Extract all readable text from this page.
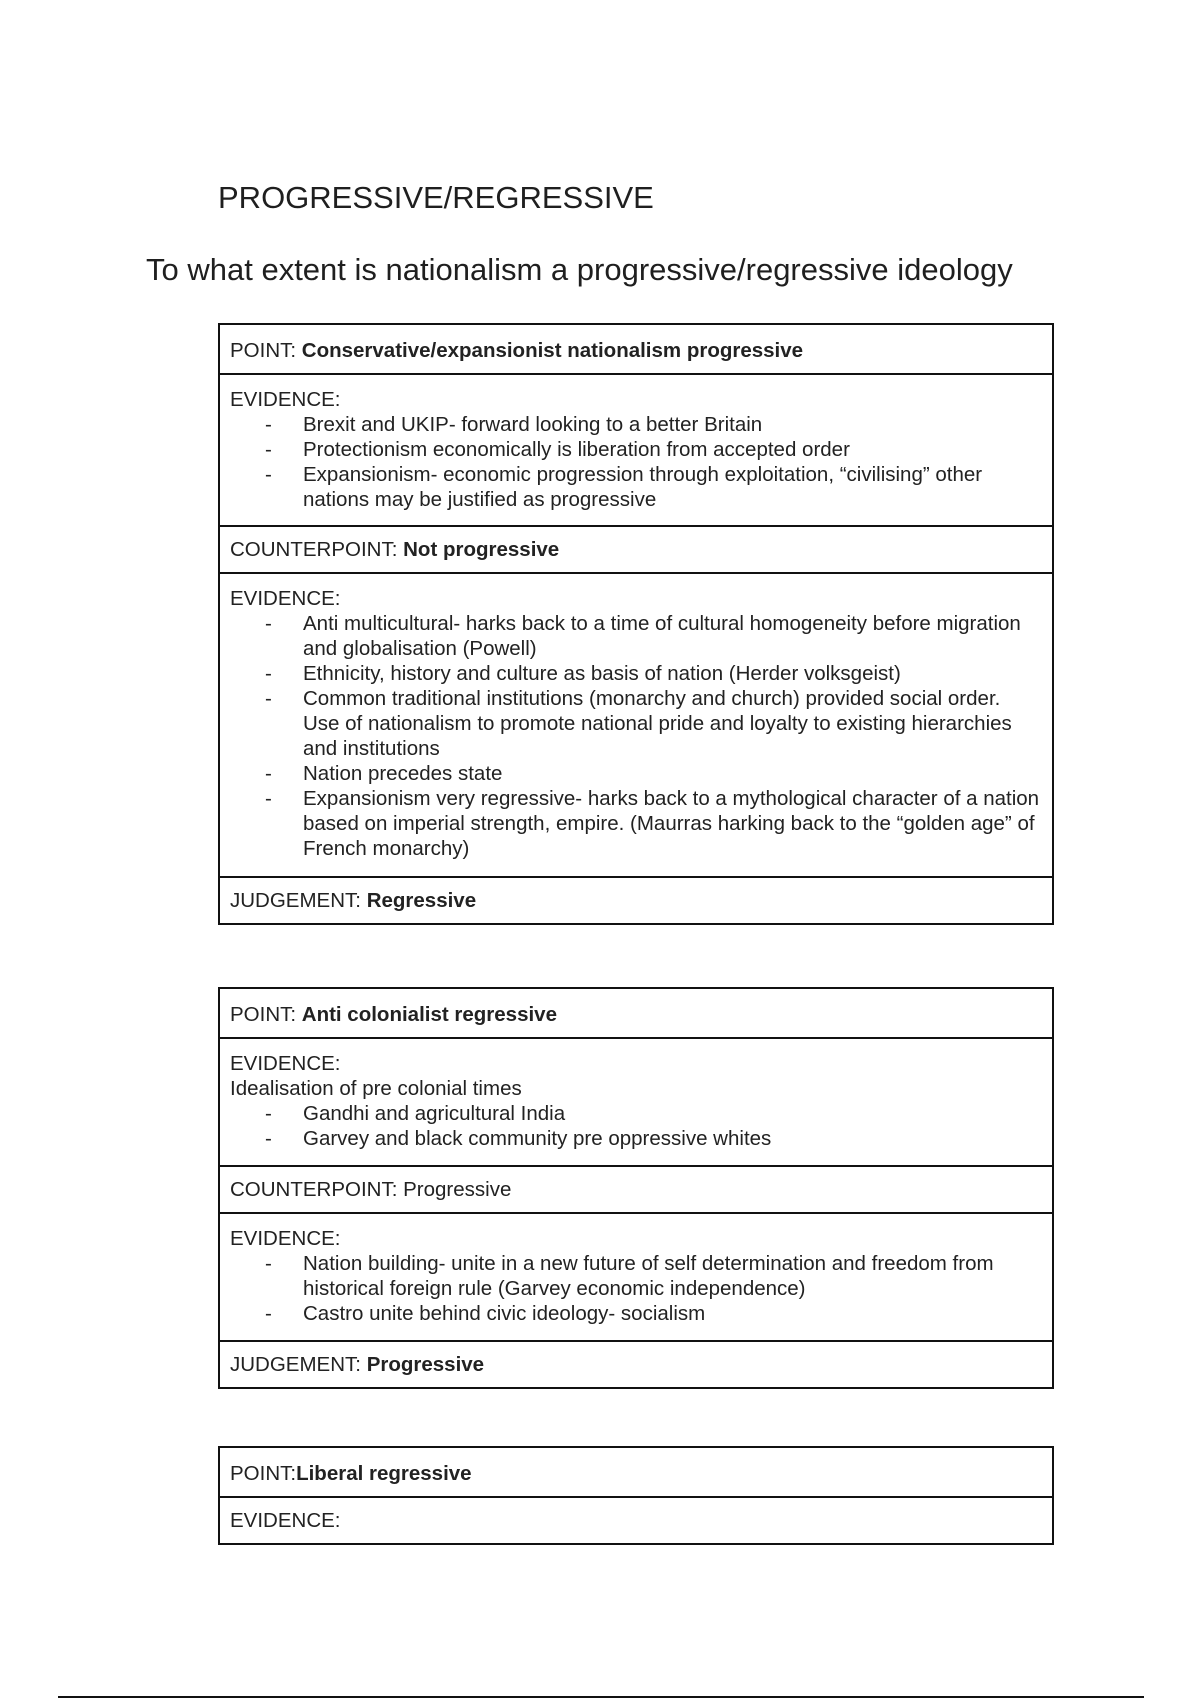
PROGRESSIVE/REGRESSIVE
To what extent is nationalism a progressive/regressive ideology
POINT: Conservative/expansionist nationalism progressive

EVIDENCE:
- Brexit and UKIP- forward looking to a better Britain
- Protectionism economically is liberation from accepted order
- Expansionism- economic progression through exploitation, “civilising” other nations may be justified as progressive

COUNTERPOINT: Not progressive

EVIDENCE:
- Anti multicultural- harks back to a time of cultural homogeneity before migration and globalisation (Powell)
- Ethnicity, history and culture as basis of nation (Herder volksgeist)
- Common traditional institutions (monarchy and church) provided social order. Use of nationalism to promote national pride and loyalty to existing hierarchies and institutions
- Nation precedes state
- Expansionism very regressive- harks back to a mythological character of a nation based on imperial strength, empire. (Maurras harking back to the “golden age” of French monarchy)

JUDGEMENT: Regressive
POINT: Anti colonialist regressive

EVIDENCE:
Idealisation of pre colonial times
- Gandhi and agricultural India
- Garvey and black community pre oppressive whites

COUNTERPOINT: Progressive

EVIDENCE:
- Nation building- unite in a new future of self determination and freedom from historical foreign rule (Garvey economic independence)
- Castro unite behind civic ideology- socialism

JUDGEMENT: Progressive
POINT:Liberal regressive

EVIDENCE:
